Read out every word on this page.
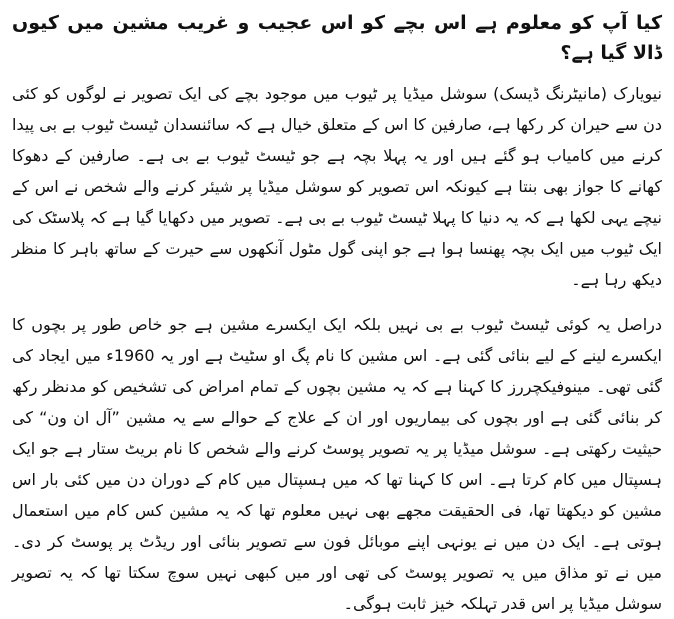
کیا آپ کو معلوم ہے اس بچے کو اس عجیب و غریب مشین میں کیوں ڈالا گیا ہے؟

نیویارک (مانیٹرنگ ڈیسک) سوشل میڈیا پر ٹیوب میں موجود بچے کی ایک تصویر نے لوگوں کو کئی دن سے حیران کر رکھا ہے، صارفین کا اس کے متعلق خیال ہے کہ سائنسدان ٹیسٹ ٹیوب بے بی پیدا کرنے میں کامیاب ہو گئے ہیں اور یہ پہلا بچہ ہے جو ٹیسٹ ٹیوب بے بی ہے۔ صارفین کے دھوکا کھانے کا جواز بھی بنتا ہے کیونکہ اس تصویر کو سوشل میڈیا پر شیئر کرنے والے شخص نے اس کے نیچے یہی لکھا ہے کہ یہ دنیا کا پہلا ٹیسٹ ٹیوب بے بی ہے۔ تصویر میں دکھایا گیا ہے کہ پلاسٹک کی ایک ٹیوب میں ایک بچہ پھنسا ہوا ہے جو اپنی گول مٹول آنکھوں سے حیرت کے ساتھ باہر کا منظر دیکھ رہا ہے۔

دراصل یہ کوئی ٹیسٹ ٹیوب بے بی نہیں بلکہ ایک ایکسرے مشین ہے جو خاص طور پر بچوں کا ایکسرے لینے کے لیے بنائی گئی ہے۔ اس مشین کا نام پگ او سٹیٹ ہے اور یہ 1960ء میں ایجاد کی گئی تھی۔ مینوفیکچررز کا کہنا ہے کہ یہ مشین بچوں کے تمام امراض کی تشخیص کو مدنظر رکھ کر بنائی گئی ہے اور بچوں کی بیماریوں اور ان کے علاج کے حوالے سے یہ مشین ”آل ان ون“ کی حیثیت رکھتی ہے۔ سوشل میڈیا پر یہ تصویر پوسٹ کرنے والے شخص کا نام بریٹ ستار ہے جو ایک ہسپتال میں کام کرتا ہے۔ اس کا کہنا تھا کہ میں ہسپتال میں کام کے دوران دن میں کئی بار اس مشین کو دیکھتا تھا، فی الحقیقت مجھے بھی نہیں معلوم تھا کہ یہ مشین کس کام میں استعمال ہوتی ہے۔ ایک دن میں نے یونہی اپنے موبائل فون سے تصویر بنائی اور ریڈٹ پر پوسٹ کر دی۔ میں نے تو مذاق میں یہ تصویر پوسٹ کی تھی اور میں کبھی نہیں سوچ سکتا تھا کہ یہ تصویر سوشل میڈیا پر اس قدر تہلکہ خیز ثابت ہوگی۔
